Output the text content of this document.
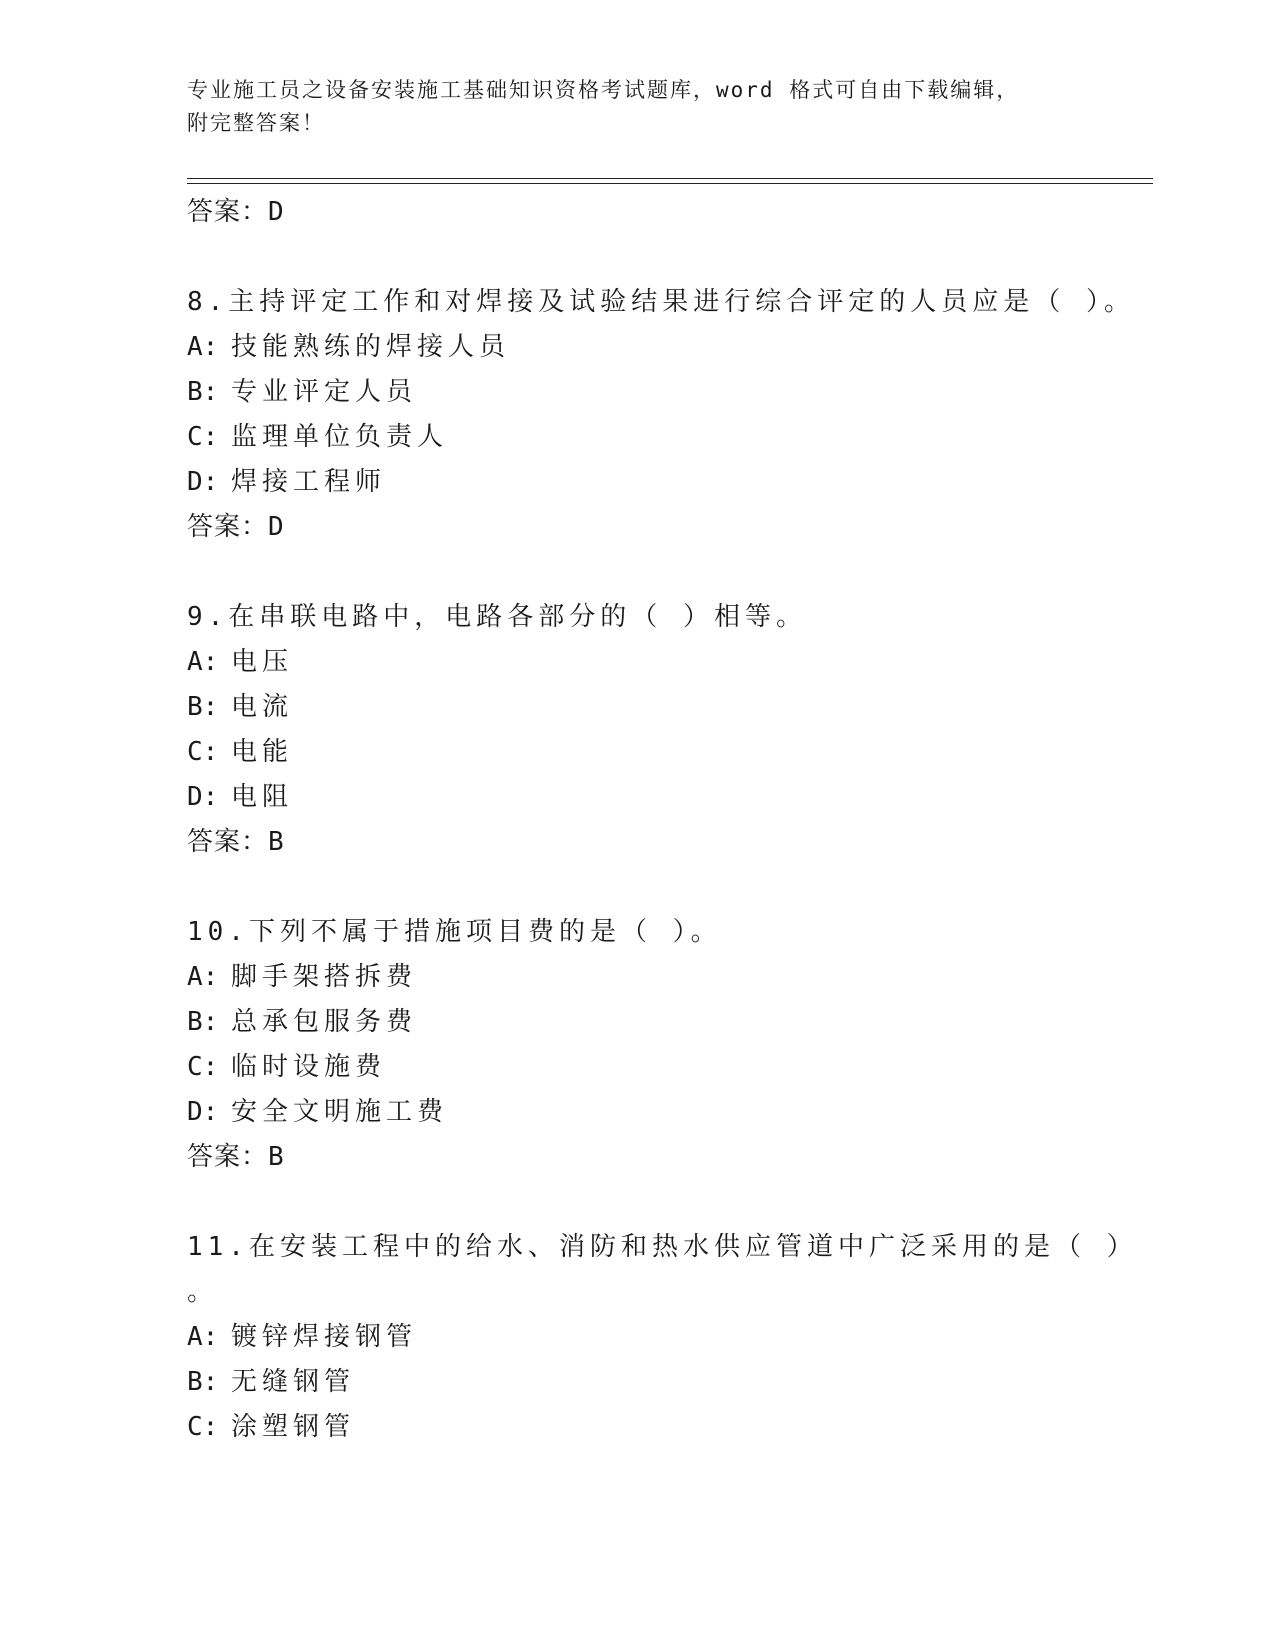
专业施工员之设备安装施工基础知识资格考试题库，word 格式可自由下载编辑，
附完整答案！
答案：D
8.主持评定工作和对焊接及试验结果进行综合评定的人员应是（ ）。
A: 技能熟练的焊接人员
B: 专业评定人员
C: 监理单位负责人
D: 焊接工程师
答案：D
9.在串联电路中，电路各部分的（ ）相等。
A: 电压
B: 电流
C: 电能
D: 电阻
答案：B
10.下列不属于措施项目费的是（ ）。
A: 脚手架搭拆费
B: 总承包服务费
C: 临时设施费
D: 安全文明施工费
答案：B
11.在安装工程中的给水、消防和热水供应管道中广泛采用的是（ ）
。
A: 镀锌焊接钢管
B: 无缝钢管
C: 涂塑钢管
